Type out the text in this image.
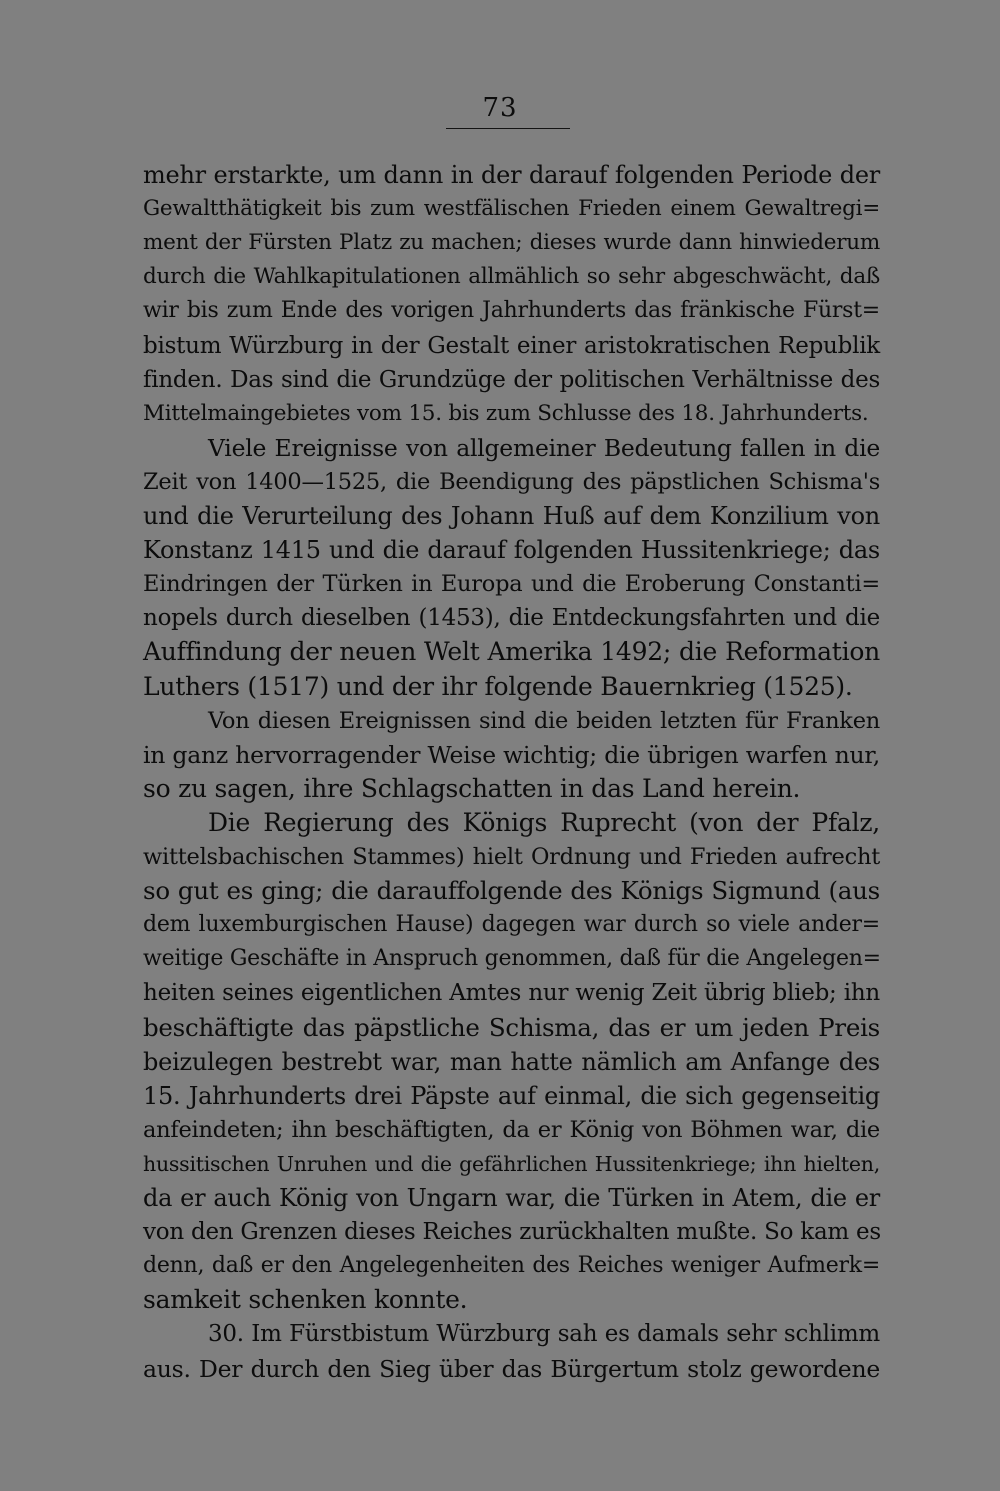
73
mehr erstarkte, um dann in der darauf folgenden Periode der
Gewaltthätigkeit bis zum westfälischen Frieden einem Gewaltregi=
ment der Fürsten Platz zu machen; dieses wurde dann hinwiederum
durch die Wahlkapitulationen allmählich so sehr abgeschwächt, daß
wir bis zum Ende des vorigen Jahrhunderts das fränkische Fürst=
bistum Würzburg in der Gestalt einer aristokratischen Republik
finden. Das sind die Grundzüge der politischen Verhältnisse des
Mittelmaingebietes vom 15. bis zum Schlusse des 18. Jahrhunderts.
Viele Ereignisse von allgemeiner Bedeutung fallen in die
Zeit von 1400—1525, die Beendigung des päpstlichen Schisma's
und die Verurteilung des Johann Huß auf dem Konzilium von
Konstanz 1415 und die darauf folgenden Hussitenkriege; das
Eindringen der Türken in Europa und die Eroberung Constanti=
nopels durch dieselben (1453), die Entdeckungsfahrten und die
Auffindung der neuen Welt Amerika 1492; die Reformation
Luthers (1517) und der ihr folgende Bauernkrieg (1525).
Von diesen Ereignissen sind die beiden letzten für Franken
in ganz hervorragender Weise wichtig; die übrigen warfen nur,
so zu sagen, ihre Schlagschatten in das Land herein.
Die Regierung des Königs Ruprecht (von der Pfalz,
wittelsbachischen Stammes) hielt Ordnung und Frieden aufrecht
so gut es ging; die darauffolgende des Königs Sigmund (aus
dem luxemburgischen Hause) dagegen war durch so viele ander=
weitige Geschäfte in Anspruch genommen, daß für die Angelegen=
heiten seines eigentlichen Amtes nur wenig Zeit übrig blieb; ihn
beschäftigte das päpstliche Schisma, das er um jeden Preis
beizulegen bestrebt war, man hatte nämlich am Anfange des
15. Jahrhunderts drei Päpste auf einmal, die sich gegenseitig
anfeindeten; ihn beschäftigten, da er König von Böhmen war, die
hussitischen Unruhen und die gefährlichen Hussitenkriege; ihn hielten,
da er auch König von Ungarn war, die Türken in Atem, die er
von den Grenzen dieses Reiches zurückhalten mußte. So kam es
denn, daß er den Angelegenheiten des Reiches weniger Aufmerk=
samkeit schenken konnte.
30. Im Fürstbistum Würzburg sah es damals sehr schlimm
aus. Der durch den Sieg über das Bürgertum stolz gewordene
